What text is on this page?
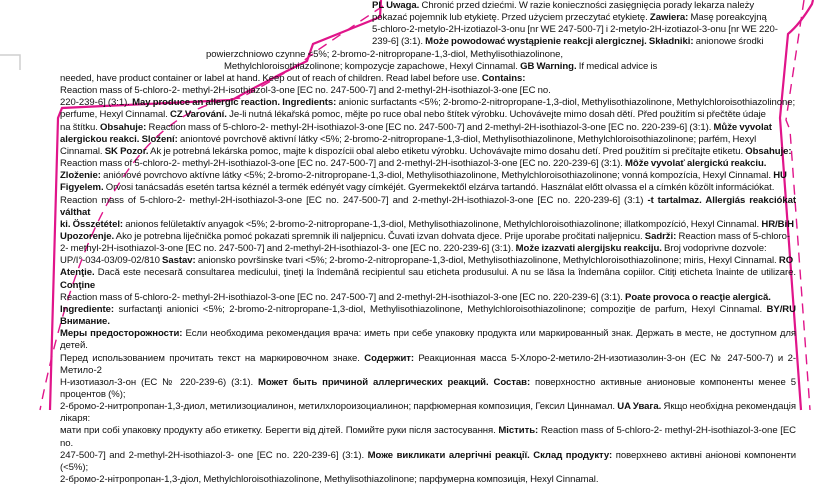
PL Uwaga. Chronić przed dziećmi. W razie konieczności zasięgnięcia porady lekarza należy

pokazać pojemnik lub etykietę. Przed użyciem przeczytać etykietę. Zawiera: Masę poreakcyjną

5-chloro-2-metylo-2H-izotiazol-3-onu [nr WE 247-500-7] i 2-metylo-2H-izotiazol-3-onu [nr WE 220-

239-6] (3:1). Może powodować wystąpienie reakcji alergicznej. Składniki: anionowe środki

powierzchniowo czynne <5%; 2-bromo-2-nitropropane-1,3-diol, Methylisothiazolinone,

Methylchloroisothiazolinone; kompozycje zapachowe, Hexyl Cinnamal. GB Warning. If medical advice is

needed, have product container or label at hand. Keep out of reach of children. Read label before use. Contains:

Reaction mass of 5-chloro-2- methyl-2H-isothiazol-3-one [EC no. 247-500-7] and 2-methyl-2H-isothiazol-3-one [EC no.

220-239-6] (3:1). May produce an allergic reaction. Ingredients: anionic surfactants <5%; 2-bromo-2-nitropropane-1,3-diol, Methylisothiazolinone, Methylchloroisothiazolinone;

perfume, Hexyl Cinnamal. CZ Varování. Je-li nutná lékařská pomoc, mějte po ruce obal nebo štítek výrobku. Uchovávejte mimo dosah dětí. Před použitím si přečtěte údaje

na štítku. Obsahuje: Reaction mass of 5-chloro-2- methyl-2H-isothiazol-3-one [EC no. 247-500-7] and 2-methyl-2H-isothiazol-3-one [EC no. 220-239-6] (3:1). Může vyvolat

alergickou reakci. Složení: aniontové povrchově aktivní látky <5%; 2-bromo-2-nitropropane-1,3-diol, Methylisothiazolinone, Methylchloroisothiazolinone; parfém, Hexyl

Cinnamal. SK Pozor. Ak je potrebná lekárska pomoc, majte k dispozícii obal alebo etiketu výrobku. Uchovávajte mimo dosahu detí. Pred použitím si prečítajte etiketu. Obsahuje:

Reaction mass of 5-chloro-2- methyl-2H-isothiazol-3-one [EC no. 247-500-7] and 2-methyl-2H-isothiazol-3-one [EC no. 220-239-6] (3:1). Môže vyvolať alergickú reakciu.

Zloženie: aniónové povrchovo aktívne látky <5%; 2-bromo-2-nitropropane-1,3-diol, Methylisothiazolinone, Methylchloroisothiazolinone; vonná kompozícia, Hexyl Cinnamal. HU

Figyelem. Orvosi tanácsadás esetén tartsa kéznél a termék edényét vagy címkéjét. Gyermekektől elzárva tartandó. Használat előtt olvassa el a címkén közölt információkat.

Reaction mass of 5-chloro-2- methyl-2H-isothiazol-3-one [EC no. 247-500-7] and 2-methyl-2H-isothiazol-3-one [EC no. 220-239-6] (3:1) -t tartalmaz. Allergiás reakciókat válthat

ki. Összetétel: anionos felületaktív anyagok <5%; 2-bromo-2-nitropropane-1,3-diol, Methylisothiazolinone, Methylchloroisothiazolinone; illatkompozíció, Hexyl Cinnamal. HR/BiH

Upozorenje. Ako je potrebna liječnička pomoć pokazati spremnik ili naljepnicu. Čuvati izvan dohvata djece. Prije uporabe pročitati naljepnicu. Sadrži: Reaction mass of 5-chloro-

2- methyl-2H-isothiazol-3-one [EC no. 247-500-7] and 2-methyl-2H-isothiazol-3- one [EC no. 220-239-6] (3:1). Može izazvati alergijsku reakciju. Broj vodoprivne dozvole:

UP/I°-034-03/09-02/810 Sastav: anionsko površinske tvari <5%; 2-bromo-2-nitropropane-1,3-diol, Methylisothiazolinone, Methylchloroisothiazolinone; miris, Hexyl Cinnamal. RO

Atenţie. Dacă este necesară consultarea medicului, ţineţi la îndemână recipientul sau eticheta produsului. A nu se lăsa la îndemâna copiilor. Citiţi eticheta înainte de utilizare. Conţine

Reaction mass of 5-chloro-2- methyl-2H-isothiazol-3-one [EC no. 247-500-7] and 2-methyl-2H-isothiazol-3-one [EC no. 220-239-6] (3:1). Poate provoca o reacţie alergică.

Ingrediente: surfactanţi anionici <5%; 2-bromo-2-nitropropane-1,3-diol, Methylisothiazolinone, Methylchloroisothiazolinone; compoziţie de parfum, Hexyl Cinnamal. BY/RU Внимание.

Меры предосторожности: Если необходима рекомендация врача: иметь при себе упаковку продукта или маркированный знак. Держать в месте, не доступном для детей.

Перед использованием прочитать текст на маркировочном знаке. Содержит: Реакционная масса 5-Хлоро-2-метило-2Н-изотиазолин-3-он (ЕС № 247-500-7) и 2-Метило-2

Н-изотиазол-3-он (ЕС № 220-239-6) (3:1). Может быть причиной аллергических реакций. Состав: поверхностно активные анионовые компоненты менее 5 процентов (%);

2-бромо-2-нитропропан-1,3-диол, метилизоциалинон, метилхлороизоциалинон; парфюмерная композиция, Гексил Циннамал. UA Увага. Якщо необхідна рекомендація лікаря:

мати при собі упаковку продукту або етикетку. Берегти від дітей. Помийте руки після застосування. Містить: Reaction mass of 5-chloro-2- methyl-2H-isothiazol-3-one [EC no.

247-500-7] and 2-methyl-2H-isothiazol-3- one [EC no. 220-239-6] (3:1). Може викликати алергічні реакції. Склад продукту: поверхнево активні аніонові компоненти (<5%);

2-бромо-2-нітропропан-1,3-діол, Methylchloroisothiazolinone, Methylisothiazolinone; парфумерна композиція, Hexyl Cinnamal.
